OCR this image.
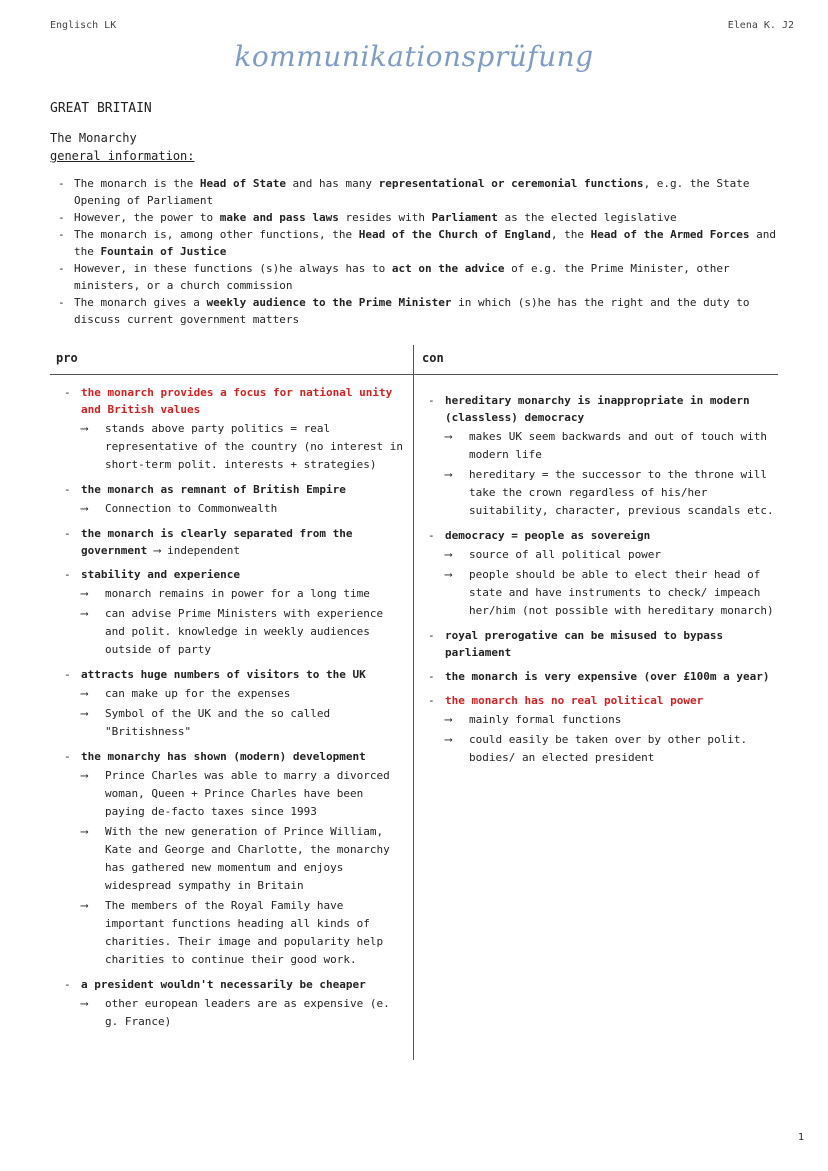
Englisch LK	Elena K. J2
kommunikationsprüfung
GREAT BRITAIN
The Monarchy
general information:
- The monarch is the Head of State and has many representational or ceremonial functions, e.g. the State Opening of Parliament
- However, the power to make and pass laws resides with Parliament as the elected legislative
- The monarch is, among other functions, the Head of the Church of England, the Head of the Armed Forces and the Fountain of Justice
- However, in these functions (s)he always has to act on the advice of e.g. the Prime Minister, other ministers, or a church commission
- The monarch gives a weekly audience to the Prime Minister in which (s)he has the right and the duty to discuss current government matters
pro	con
- the monarch provides a focus for national unity and British values
⟶ stands above party politics = real representative of the country (no interest in short-term polit. interests + strategies)
- the monarch as remnant of British Empire
⟶ Connection to Commonwealth
- the monarch is clearly separated from the government ⟶ independent
- stability and experience
⟶ monarch remains in power for a long time
⟶ can advise Prime Ministers with experience and polit. knowledge in weekly audiences outside of party
- attracts huge numbers of visitors to the UK
⟶ can make up for the expenses
⟶ Symbol of the UK and the so called "Britishness"
- the monarchy has shown (modern) development
⟶ Prince Charles was able to marry a divorced woman, Queen + Prince Charles have been paying de-facto taxes since 1993
⟶ With the new generation of Prince William, Kate and George and Charlotte, the monarchy has gathered new momentum and enjoys widespread sympathy in Britain
⟶ The members of the Royal Family have important functions heading all kinds of charities. Their image and popularity help charities to continue their good work.
- a president wouldn't necessarily be cheaper
⟶ other european leaders are as expensive (e. g. France)
- hereditary monarchy is inappropriate in modern (classless) democracy
⟶ makes UK seem backwards and out of touch with modern life
⟶ hereditary = the successor to the throne will take the crown regardless of his/her suitability, character, previous scandals etc.
- democracy = people as sovereign
⟶ source of all political power
⟶ people should be able to elect their head of state and have instruments to check/ impeach her/him (not possible with hereditary monarch)
- royal prerogative can be misused to bypass parliament
- the monarch is very expensive (over £100m a year)
- the monarch has no real political power
⟶ mainly formal functions
⟶ could easily be taken over by other polit. bodies/ an elected president
1
